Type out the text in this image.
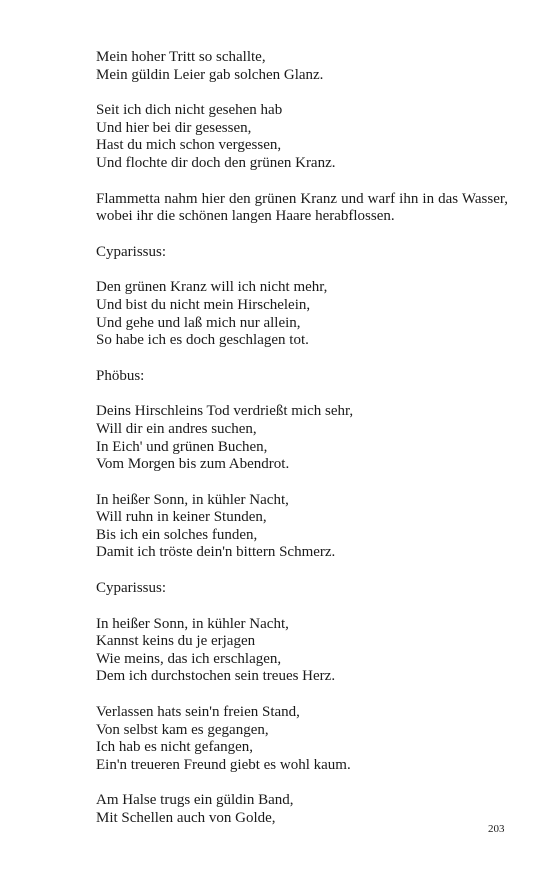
Mein hoher Tritt so schallte,
Mein güldin Leier gab solchen Glanz.
Seit ich dich nicht gesehen hab
Und hier bei dir gesessen,
Hast du mich schon vergessen,
Und flochte dir doch den grünen Kranz.

Flammetta nahm hier den grünen Kranz und warf ihn in das Wasser, wobei ihr die schönen langen Haare herabflossen.

Cyparissus:
Den grünen Kranz will ich nicht mehr,
Und bist du nicht mein Hirschelein,
Und gehe und laß mich nur allein,
So habe ich es doch geschlagen tot.
Phöbus:
Deins Hirschleins Tod verdrießt mich sehr,
Will dir ein andres suchen,
In Eich' und grünen Buchen,
Vom Morgen bis zum Abendrot.
In heißer Sonn, in kühler Nacht,
Will ruhn in keiner Stunden,
Bis ich ein solches funden,
Damit ich tröste dein'n bittern Schmerz.
Cyparissus:
In heißer Sonn, in kühler Nacht,
Kannst keins du je erjagen
Wie meins, das ich erschlagen,
Dem ich durchstochen sein treues Herz.
Verlassen hats sein'n freien Stand,
Von selbst kam es gegangen,
Ich hab es nicht gefangen,
Ein'n treueren Freund giebt es wohl kaum.
Am Halse trugs ein güldin Band,
Mit Schellen auch von Golde,
203
